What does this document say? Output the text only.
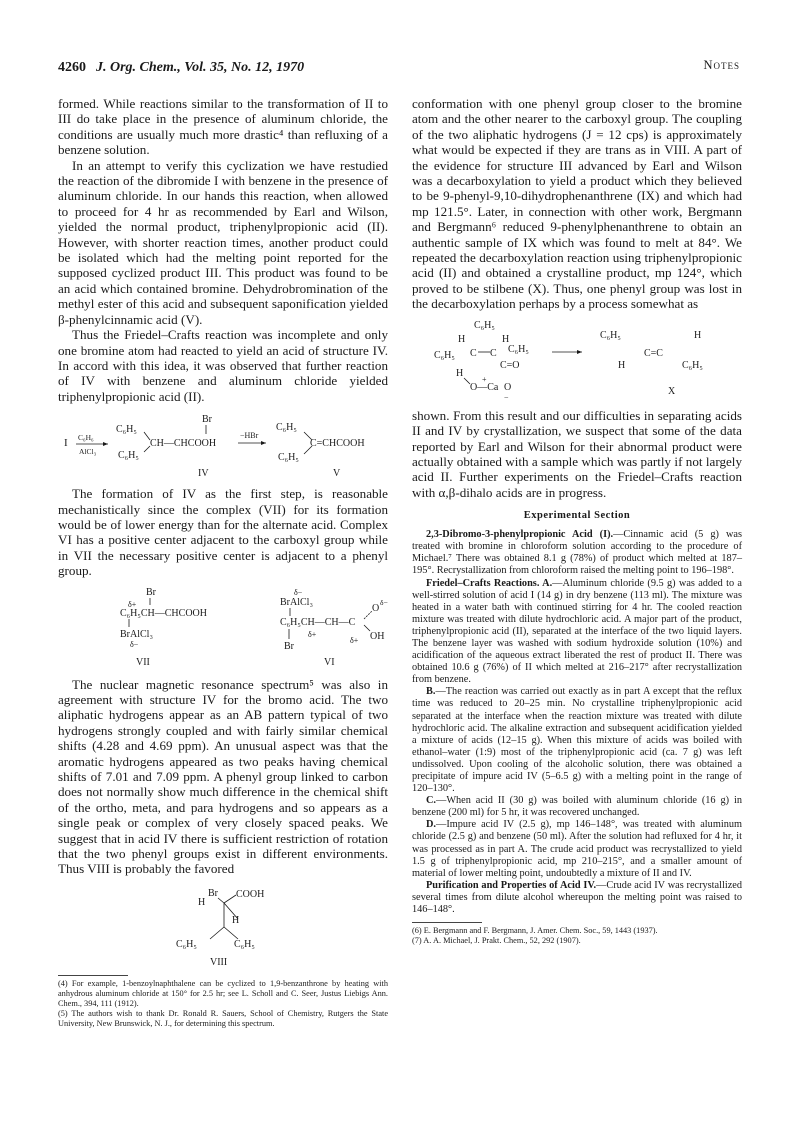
4260 J. Org. Chem., Vol. 35, No. 12, 1970	Notes

formed. While reactions similar to the transformation of II to III do take place in the presence of aluminum chloride, the conditions are usually much more drastic⁴ than refluxing of a benzene solution.

In an attempt to verify this cyclization we have restudied the reaction of the dibromide I with benzene in the presence of aluminum chloride. In our hands this reaction, when allowed to proceed for 4 hr as recommended by Earl and Wilson, yielded the normal product, triphenylpropionic acid (II). However, with shorter reaction times, another product could be isolated which had the melting point reported for the supposed cyclized product III. This product was found to be an acid which contained bromine. Dehydrobromination of the methyl ester of this acid and subsequent saponification yielded β-phenylcinnamic acid (V).

Thus the Friedel–Crafts reaction was incomplete and only one bromine atom had reacted to yield an acid of structure IV. In accord with this idea, it was observed that further reaction of IV with benzene and aluminum chloride yielded triphenylpropionic acid (II).

I C₆H₆
AlCl₃
C₆H₅
C₆H₅
Br
CH—CHCOOH
−HBr
C₆H₅
C₆H₅
C=CHCOOH
IV	V

The formation of IV as the first step, is reasonable mechanistically since the complex (VII) for its formation would be of lower energy than for the alternate acid. Complex VI has a positive center adjacent to the carboxyl group while in VII the necessary positive center is adjacent to a phenyl group.

Br
δ+
C₆H₅CH—CHCOOH
BrAlCl₃
δ−
VII
δ−
BrAlCl₃
C₆H₅CH—CH—C
O
δ−
OH
δ+
δ+
Br
VI

The nuclear magnetic resonance spectrum⁵ was also in agreement with structure IV for the bromo acid. The two aliphatic hydrogens appear as an AB pattern typical of two hydrogens strongly coupled and with fairly similar chemical shifts (4.28 and 4.69 ppm). An unusual aspect was that the aromatic hydrogens appeared as two peaks having chemical shifts of 7.01 and 7.09 ppm. A phenyl group linked to carbon does not normally show much difference in the chemical shift of the ortho, meta, and para hydrogens and so appears as a single peak or complex of very closely spaced peaks. We suggest that in acid IV there is sufficient restriction of rotation that the two phenyl groups exist in different environments. Thus VIII is probably the favored

H
Br COOH
H
C₆H₅	C₆H₅
VIII

(4) For example, 1-benzoylnaphthalene can be cyclized to 1,9-benzanthrone by heating with anhydrous aluminum chloride at 150° for 2.5 hr; see L. Scholl and C. Seer, Justus Liebigs Ann. Chem., 394, 111 (1912).

(5) The authors wish to thank Dr. Ronald R. Sauers, School of Chemistry, Rutgers the State University, New Brunswick, N. J., for determining this spectrum.

conformation with one phenyl group closer to the bromine atom and the other nearer to the carboxyl group. The coupling of the two aliphatic hydrogens (J = 12 cps) is approximately what would be expected if they are trans as in VIII. A part of the evidence for structure III advanced by Earl and Wilson was a decarboxylation to yield a product which they believed to be 9-phenyl-9,10-dihydrophenanthrene (IX) and which had mp 121.5°. Later, in connection with other work, Bergmann and Bergmann⁶ reduced 9-phenylphenanthrene to obtain an authentic sample of IX which was found to melt at 84°. We repeated the decarboxylation reaction using triphenylpropionic acid (II) and obtained a crystalline product, mp 124°, which proved to be stilbene (X). Thus, one phenyl group was lost in the decarboxylation perhaps by a process somewhat as

C₆H₅
H	H
C₆H₅ C C C₆H₅
C=O
H
+
O—Ca O
−
C₆H₅	H
C=C
H	C₆H₅
X

shown. From this result and our difficulties in separating acids II and IV by crystallization, we suspect that some of the data reported by Earl and Wilson for their abnormal product were actually obtained with a sample which was partly if not largely acid II. Further experiments on the Friedel–Crafts reaction with α,β-dihalo acids are in progress.

Experimental Section

2,3-Dibromo-3-phenylpropionic Acid (I).—Cinnamic acid (5 g) was treated with bromine in chloroform solution according to the procedure of Michael.⁷ There was obtained 8.1 g (78%) of product which melted at 187–195°. Recrystallization from chloroform raised the melting point to 196–198°.

Friedel–Crafts Reactions. A.—Aluminum chloride (9.5 g) was added to a well-stirred solution of acid I (14 g) in dry benzene (113 ml). The mixture was heated in a water bath with continued stirring for 4 hr. The cooled reaction mixture was treated with dilute hydrochloric acid. A major part of the product, triphenylpropionic acid (II), separated at the interface of the two liquid layers. The benzene layer was washed with sodium hydroxide solution (10%) and acidification of the aqueous extract liberated the rest of product II. There was obtained 10.6 g (76%) of II which melted at 216–217° after recrystallization from benzene.

B.—The reaction was carried out exactly as in part A except that the reflux time was reduced to 20–25 min. No crystalline triphenylpropionic acid separated at the interface when the reaction mixture was treated with dilute hydrochloric acid. The alkaline extraction and subsequent acidification yielded a mixture of acids (12–15 g). When this mixture of acids was boiled with ethanol–water (1:9) most of the triphenylpropionic acid (ca. 7 g) was left undissolved. Upon cooling of the alcoholic solution, there was obtained a precipitate of impure acid IV (5–6.5 g) with a melting point in the range of 120–130°.

C.—When acid II (30 g) was boiled with aluminum chloride (16 g) in benzene (200 ml) for 5 hr, it was recovered unchanged.

D.—Impure acid IV (2.5 g), mp 146–148°, was treated with aluminum chloride (2.5 g) and benzene (50 ml). After the solution had refluxed for 4 hr, it was processed as in part A. The crude acid product was recrystallized to yield 1.5 g of triphenylpropionic acid, mp 210–215°, and a smaller amount of material of lower melting point, undoubtedly a mixture of II and IV.

Purification and Properties of Acid IV.—Crude acid IV was recrystallized several times from dilute alcohol whereupon the melting point was raised to 146–148°.

(6) E. Bergmann and F. Bergmann, J. Amer. Chem. Soc., 59, 1443 (1937).

(7) A. A. Michael, J. Prakt. Chem., 52, 292 (1907).
